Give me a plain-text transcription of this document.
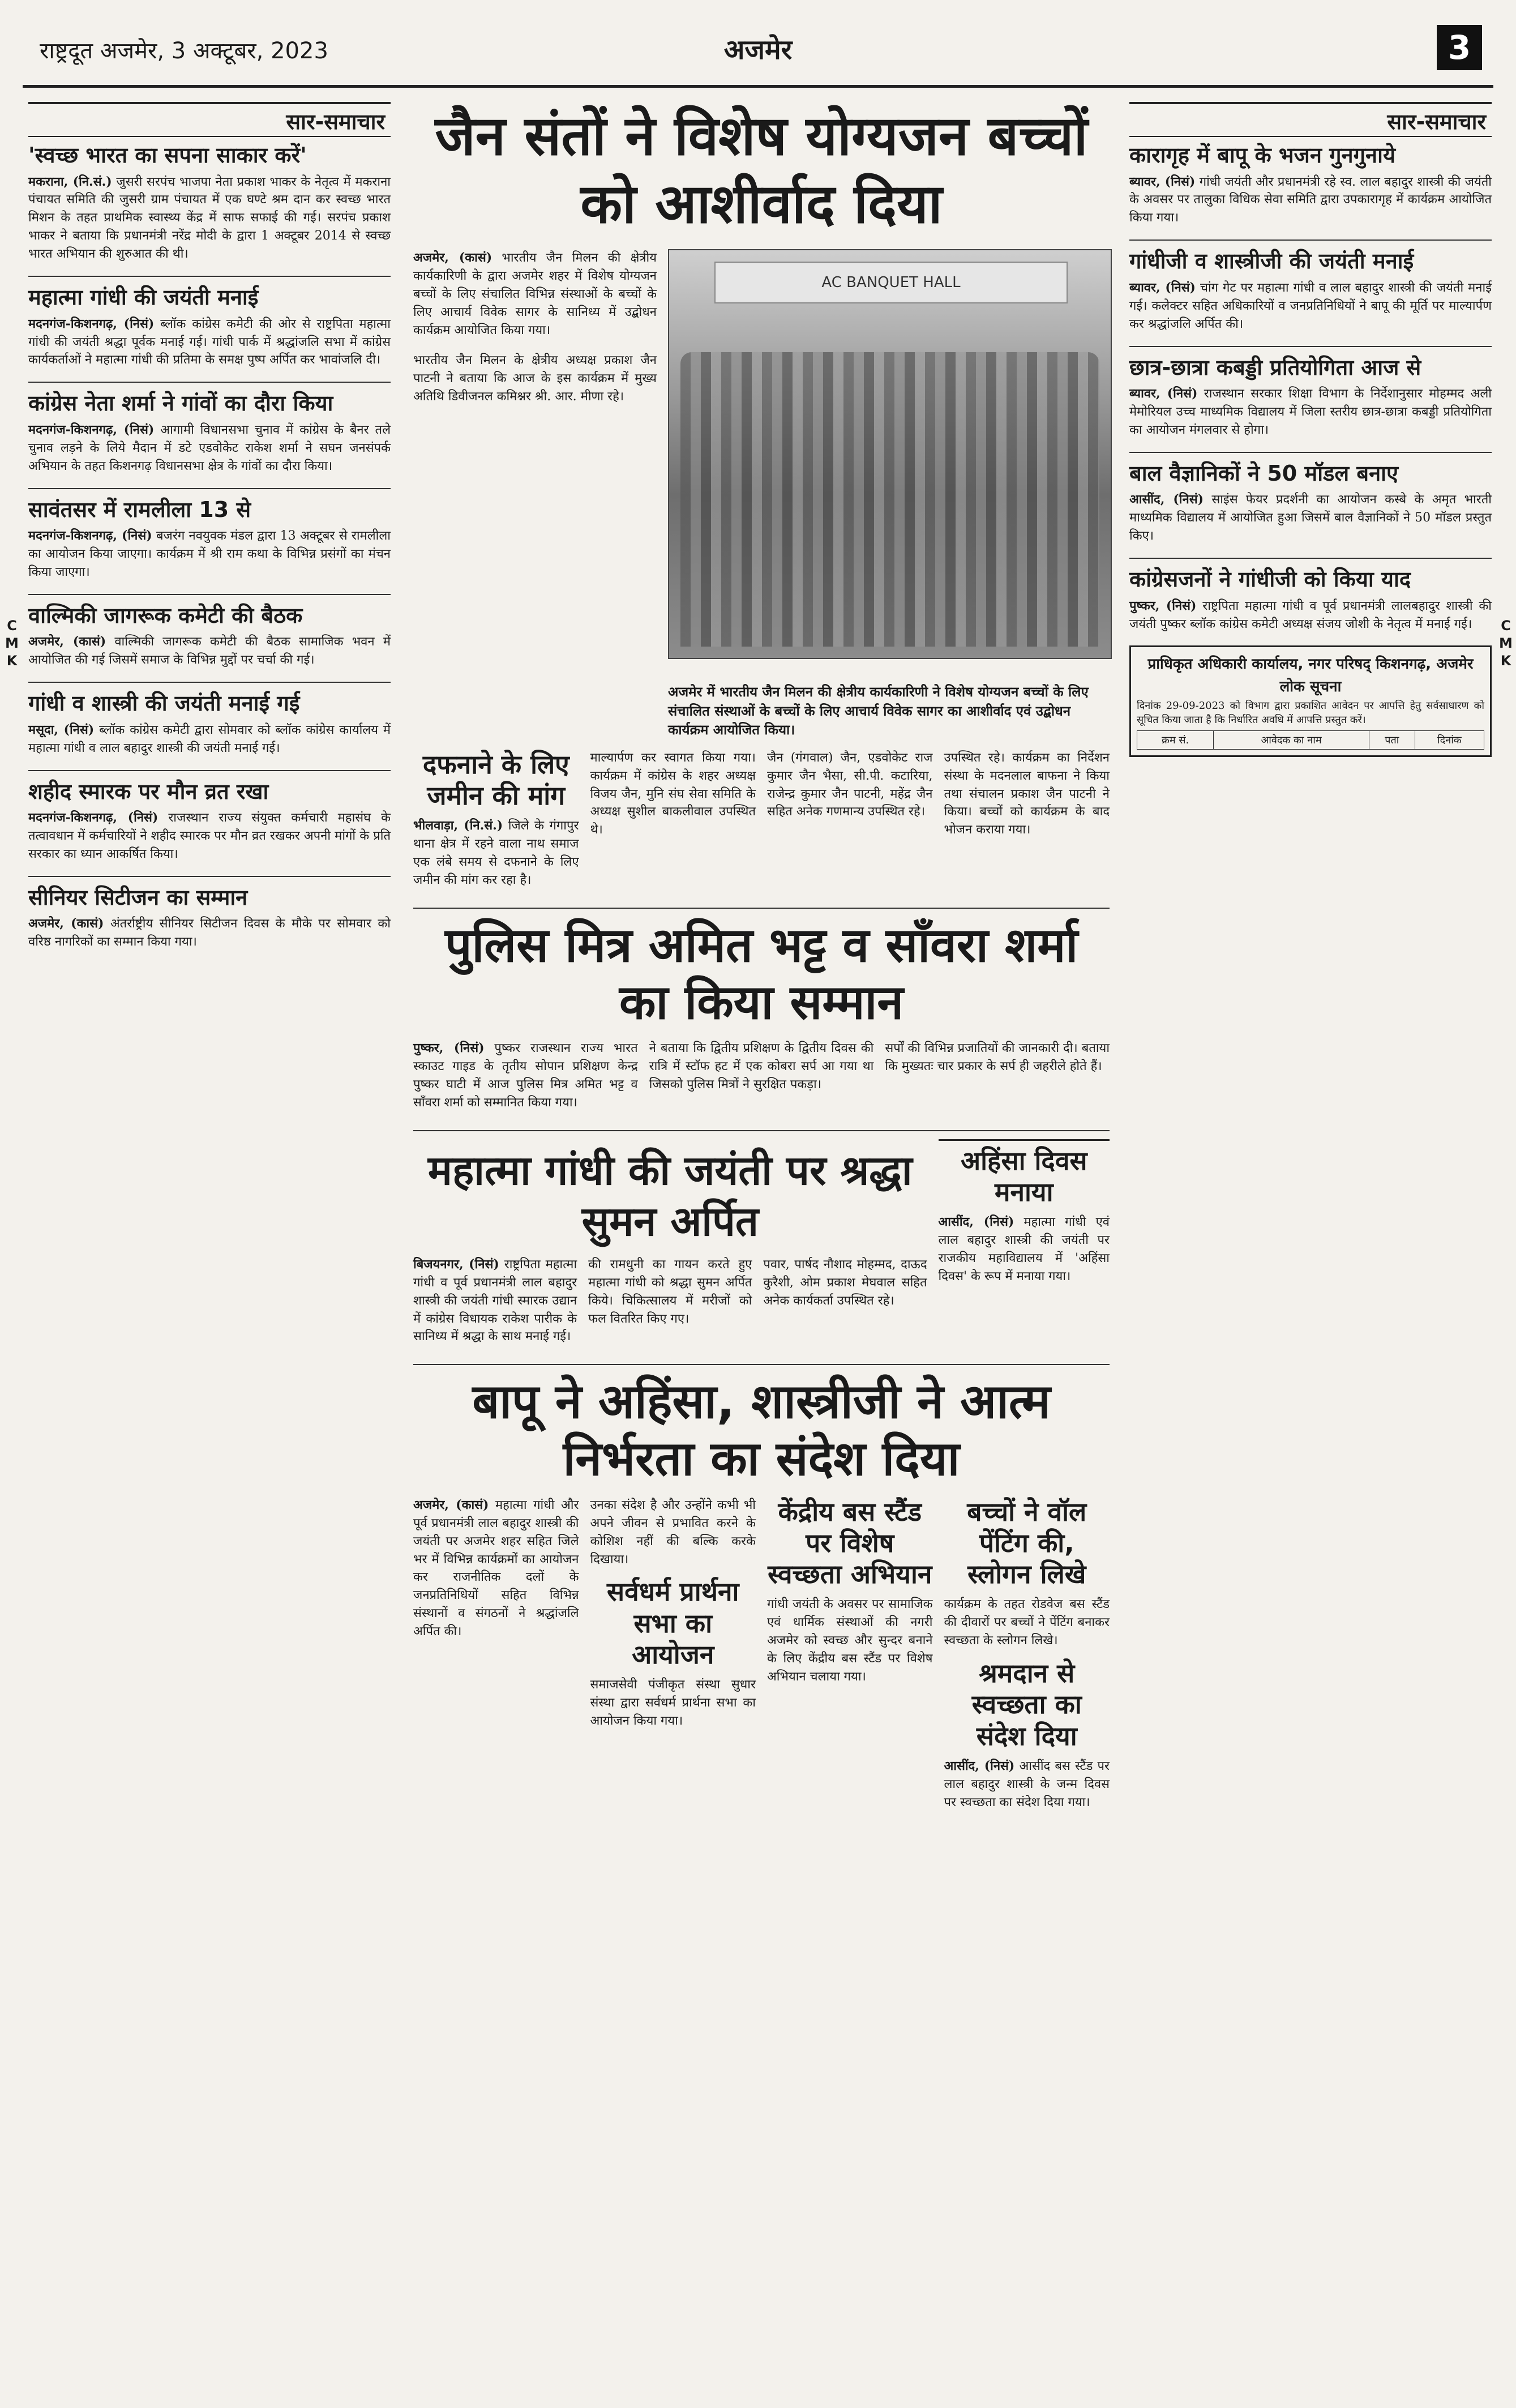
राष्ट्रदूत अजमेर, 3 अक्टूबर, 2023	अजमेर	3
C
M
K
C
M
K
सार-समाचार
'स्वच्छ भारत का सपना साकार करें'

मकराना, (नि.सं.) जुसरी सरपंच भाजपा नेता प्रकाश भाकर के नेतृत्व में मकराना पंचायत समिति की जुसरी ग्राम पंचायत में एक घण्टे श्रम दान कर स्वच्छ भारत मिशन के तहत प्राथमिक स्वास्थ्य केंद्र में साफ सफाई की गई। सरपंच प्रकाश भाकर ने बताया कि प्रधानमंत्री नरेंद्र मोदी के द्वारा 1 अक्टूबर 2014 से स्वच्छ भारत अभियान की शुरुआत की थी।

महात्मा गांधी की जयंती मनाई

मदनगंज-किशनगढ़, (निसं) ब्लॉक कांग्रेस कमेटी की ओर से राष्ट्रपिता महात्मा गांधी की जयंती श्रद्धा पूर्वक मनाई गई। गांधी पार्क में श्रद्धांजलि सभा में कांग्रेस कार्यकर्ताओं ने महात्मा गांधी की प्रतिमा के समक्ष पुष्प अर्पित कर भावांजलि दी।

कांग्रेस नेता शर्मा ने गांवों का दौरा किया

मदनगंज-किशनगढ़, (निसं) आगामी विधानसभा चुनाव में कांग्रेस के बैनर तले चुनाव लड़ने के लिये मैदान में डटे एडवोकेट राकेश शर्मा ने सघन जनसंपर्क अभियान के तहत किशनगढ़ विधानसभा क्षेत्र के गांवों का दौरा किया।

सावंतसर में रामलीला 13 से

मदनगंज-किशनगढ़, (निसं) बजरंग नवयुवक मंडल द्वारा 13 अक्टूबर से रामलीला का आयोजन किया जाएगा। कार्यक्रम में श्री राम कथा के विभिन्न प्रसंगों का मंचन किया जाएगा।

वाल्मिकी जागरूक कमेटी की बैठक

अजमेर, (कासं) वाल्मिकी जागरूक कमेटी की बैठक सामाजिक भवन में आयोजित की गई जिसमें समाज के विभिन्न मुद्दों पर चर्चा की गई।

गांधी व शास्त्री की जयंती मनाई गई

मसूदा, (निसं) ब्लॉक कांग्रेस कमेटी द्वारा सोमवार को ब्लॉक कांग्रेस कार्यालय में महात्मा गांधी व लाल बहादुर शास्त्री की जयंती मनाई गई।

शहीद स्मारक पर मौन व्रत रखा

मदनगंज-किशनगढ़, (निसं) राजस्थान राज्य संयुक्त कर्मचारी महासंघ के तत्वावधान में कर्मचारियों ने शहीद स्मारक पर मौन व्रत रखकर अपनी मांगों के प्रति सरकार का ध्यान आकर्षित किया।

सीनियर सिटीजन का सम्मान

अजमेर, (कासं) अंतर्राष्ट्रीय सीनियर सिटीजन दिवस के मौके पर सोमवार को वरिष्ठ नागरिकों का सम्मान किया गया।

जैन संतों ने विशेष योग्यजन बच्चों को आशीर्वाद दिया

अजमेर, (कासं) भारतीय जैन मिलन की क्षेत्रीय कार्यकारिणी के द्वारा अजमेर शहर में विशेष योग्यजन बच्चों के लिए संचालित विभिन्न संस्थाओं के बच्चों के लिए आचार्य विवेक सागर के सानिध्य में उद्बोधन कार्यक्रम आयोजित किया गया।

भारतीय जैन मिलन के क्षेत्रीय अध्यक्ष प्रकाश जैन पाटनी ने बताया कि आज के इस कार्यक्रम में मुख्य अतिथि डिवीजनल कमिश्नर श्री. आर. मीणा रहे।

AC BANQUET HALL
अजमेर में भारतीय जैन मिलन की क्षेत्रीय कार्यकारिणी ने विशेष योग्यजन बच्चों के लिए संचालित संस्थाओं के बच्चों के लिए आचार्य विवेक सागर का आशीर्वाद एवं उद्बोधन कार्यक्रम आयोजित किया।
दफनाने के लिए जमीन की मांग

भीलवाड़ा, (नि.सं.) जिले के गंगापुर थाना क्षेत्र में रहने वाला नाथ समाज एक लंबे समय से दफनाने के लिए जमीन की मांग कर रहा है।

माल्यार्पण कर स्वागत किया गया। कार्यक्रम में कांग्रेस के शहर अध्यक्ष विजय जैन, मुनि संघ सेवा समिति के अध्यक्ष सुशील बाकलीवाल उपस्थित थे।

जैन (गंगवाल) जैन, एडवोकेट राज कुमार जैन भैसा, सी.पी. कटारिया, राजेन्द्र कुमार जैन पाटनी, महेंद्र जैन सहित अनेक गणमान्य उपस्थित रहे।

उपस्थित रहे। कार्यक्रम का निर्देशन संस्था के मदनलाल बाफना ने किया तथा संचालन प्रकाश जैन पाटनी ने किया। बच्चों को कार्यक्रम के बाद भोजन कराया गया।

पुलिस मित्र अमित भट्ट व साँवरा शर्मा का किया सम्मान

पुष्कर, (निसं) पुष्कर राजस्थान राज्य भारत स्काउट गाइड के तृतीय सोपान प्रशिक्षण केन्द्र पुष्कर घाटी में आज पुलिस मित्र अमित भट्ट व साँवरा शर्मा को सम्मानित किया गया।

ने बताया कि द्वितीय प्रशिक्षण के द्वितीय दिवस की रात्रि में स्टॉफ हट में एक कोबरा सर्प आ गया था जिसको पुलिस मित्रों ने सुरक्षित पकड़ा।

सर्पों की विभिन्न प्रजातियों की जानकारी दी। बताया कि मुख्यतः चार प्रकार के सर्प ही जहरीले होते हैं।

महात्मा गांधी की जयंती पर श्रद्धा सुमन अर्पित

बिजयनगर, (निसं) राष्ट्रपिता महात्मा गांधी व पूर्व प्रधानमंत्री लाल बहादुर शास्त्री की जयंती गांधी स्मारक उद्यान में कांग्रेस विधायक राकेश पारीक के सानिध्य में श्रद्धा के साथ मनाई गई।

की रामधुनी का गायन करते हुए महात्मा गांधी को श्रद्धा सुमन अर्पित किये। चिकित्सालय में मरीजों को फल वितरित किए गए।

पवार, पार्षद नौशाद मोहम्मद, दाऊद कुरैशी, ओम प्रकाश मेघवाल सहित अनेक कार्यकर्ता उपस्थित रहे।

अहिंसा दिवस मनाया

आसींद, (निसं) महात्मा गांधी एवं लाल बहादुर शास्त्री की जयंती पर राजकीय महाविद्यालय में 'अहिंसा दिवस' के रूप में मनाया गया।

बापू ने अहिंसा, शास्त्रीजी ने आत्म निर्भरता का संदेश दिया

अजमेर, (कासं) महात्मा गांधी और पूर्व प्रधानमंत्री लाल बहादुर शास्त्री की जयंती पर अजमेर शहर सहित जिले भर में विभिन्न कार्यक्रमों का आयोजन कर राजनीतिक दलों के जनप्रतिनिधियों सहित विभिन्न संस्थानों व संगठनों ने श्रद्धांजलि अर्पित की।

उनका संदेश है और उन्होंने कभी भी अपने जीवन से प्रभावित करने के कोशिश नहीं की बल्कि करके दिखाया।

सर्वधर्म प्रार्थना सभा का आयोजन

समाजसेवी पंजीकृत संस्था सुधार संस्था द्वारा सर्वधर्म प्रार्थना सभा का आयोजन किया गया।

केंद्रीय बस स्टैंड पर विशेष स्वच्छता अभियान

गांधी जयंती के अवसर पर सामाजिक एवं धार्मिक संस्थाओं की नगरी अजमेर को स्वच्छ और सुन्दर बनाने के लिए केंद्रीय बस स्टैंड पर विशेष अभियान चलाया गया।

बच्चों ने वॉल पेंटिंग की, स्लोगन लिखे

कार्यक्रम के तहत रोडवेज बस स्टैंड की दीवारों पर बच्चों ने पेंटिंग बनाकर स्वच्छता के स्लोगन लिखे।

श्रमदान से स्वच्छता का संदेश दिया

आसींद, (निसं) आसींद बस स्टैंड पर लाल बहादुर शास्त्री के जन्म दिवस पर स्वच्छता का संदेश दिया गया।

सार-समाचार
कारागृह में बापू के भजन गुनगुनाये

ब्यावर, (निसं) गांधी जयंती और प्रधानमंत्री रहे स्व. लाल बहादुर शास्त्री की जयंती के अवसर पर तालुका विधिक सेवा समिति द्वारा उपकारागृह में कार्यक्रम आयोजित किया गया।

गांधीजी व शास्त्रीजी की जयंती मनाई

ब्यावर, (निसं) चांग गेट पर महात्मा गांधी व लाल बहादुर शास्त्री की जयंती मनाई गई। कलेक्टर सहित अधिकारियों व जनप्रतिनिधियों ने बापू की मूर्ति पर माल्यार्पण कर श्रद्धांजलि अर्पित की।

छात्र-छात्रा कबड्डी प्रतियोगिता आज से

ब्यावर, (निसं) राजस्थान सरकार शिक्षा विभाग के निर्देशानुसार मोहम्मद अली मेमोरियल उच्च माध्यमिक विद्यालय में जिला स्तरीय छात्र-छात्रा कबड्डी प्रतियोगिता का आयोजन मंगलवार से होगा।

बाल वैज्ञानिकों ने 50 मॉडल बनाए

आसींद, (निसं) साइंस फेयर प्रदर्शनी का आयोजन कस्बे के अमृत भारती माध्यमिक विद्यालय में आयोजित हुआ जिसमें बाल वैज्ञानिकों ने 50 मॉडल प्रस्तुत किए।

कांग्रेसजनों ने गांधीजी को किया याद

पुष्कर, (निसं) राष्ट्रपिता महात्मा गांधी व पूर्व प्रधानमंत्री लालबहादुर शास्त्री की जयंती पुष्कर ब्लॉक कांग्रेस कमेटी अध्यक्ष संजय जोशी के नेतृत्व में मनाई गई।

प्राधिकृत अधिकारी कार्यालय, नगर परिषद् किशनगढ़, अजमेर
लोक सूचना

दिनांक 29-09-2023 को विभाग द्वारा प्रकाशित आवेदन पर आपत्ति हेतु सर्वसाधारण को सूचित किया जाता है कि निर्धारित अवधि में आपत्ति प्रस्तुत करें।

क्रम सं.	आवेदक का नाम	पता	दिनांक
